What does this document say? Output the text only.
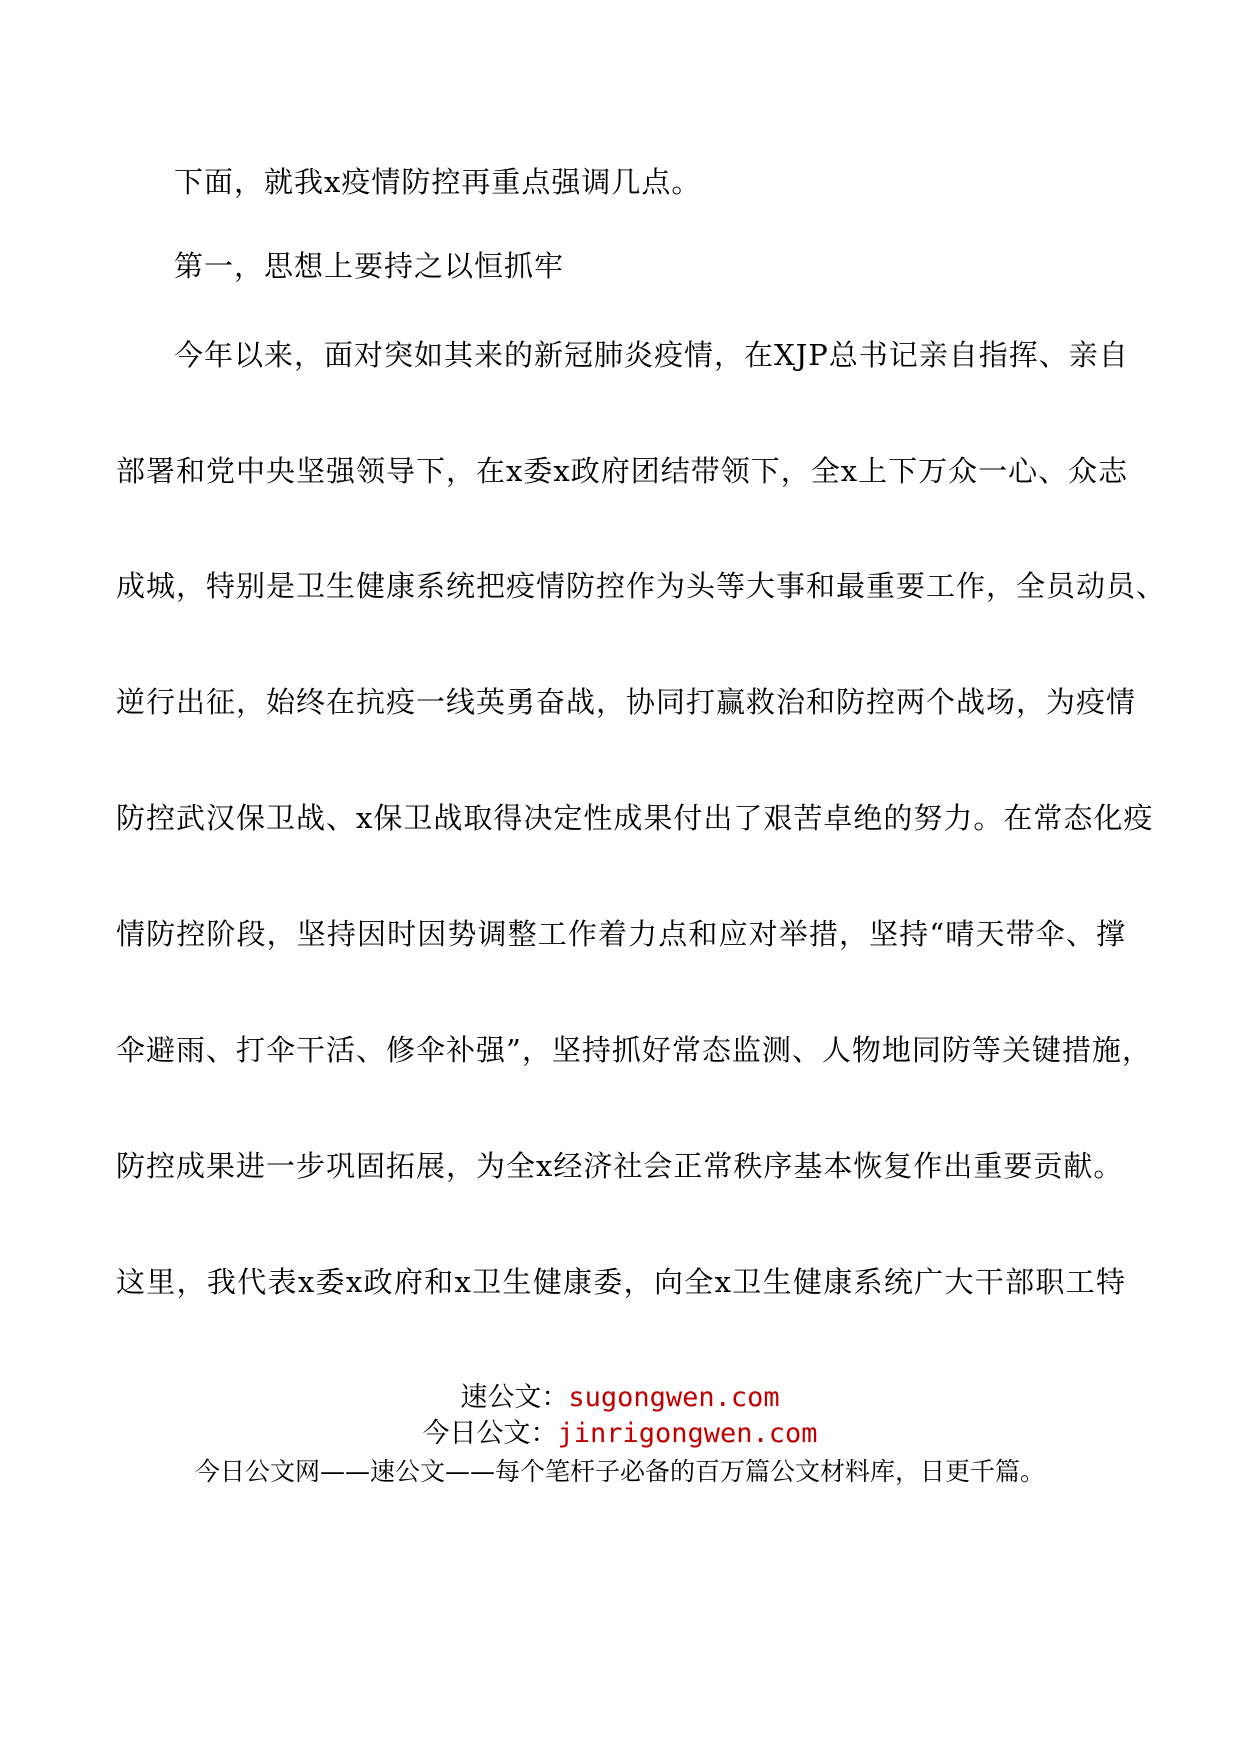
下面，就我x疫情防控再重点强调几点。
第一，思想上要持之以恒抓牢
今年以来，面对突如其来的新冠肺炎疫情，在XJP总书记亲自指挥、亲自
部署和党中央坚强领导下，在x委x政府团结带领下，全x上下万众一心、众志
成城，特别是卫生健康系统把疫情防控作为头等大事和最重要工作，全员动员、
逆行出征，始终在抗疫一线英勇奋战，协同打赢救治和防控两个战场，为疫情
防控武汉保卫战、x保卫战取得决定性成果付出了艰苦卓绝的努力。在常态化疫
情防控阶段，坚持因时因势调整工作着力点和应对举措，坚持“晴天带伞、撑
伞避雨、打伞干活、修伞补强”，坚持抓好常态监测、人物地同防等关键措施，
防控成果进一步巩固拓展，为全x经济社会正常秩序基本恢复作出重要贡献。
这里，我代表x委x政府和x卫生健康委，向全x卫生健康系统广大干部职工特
速公文：sugongwen.com
今日公文：jinrigongwen.com
今日公文网——速公文——每个笔杆子必备的百万篇公文材料库，日更千篇。
